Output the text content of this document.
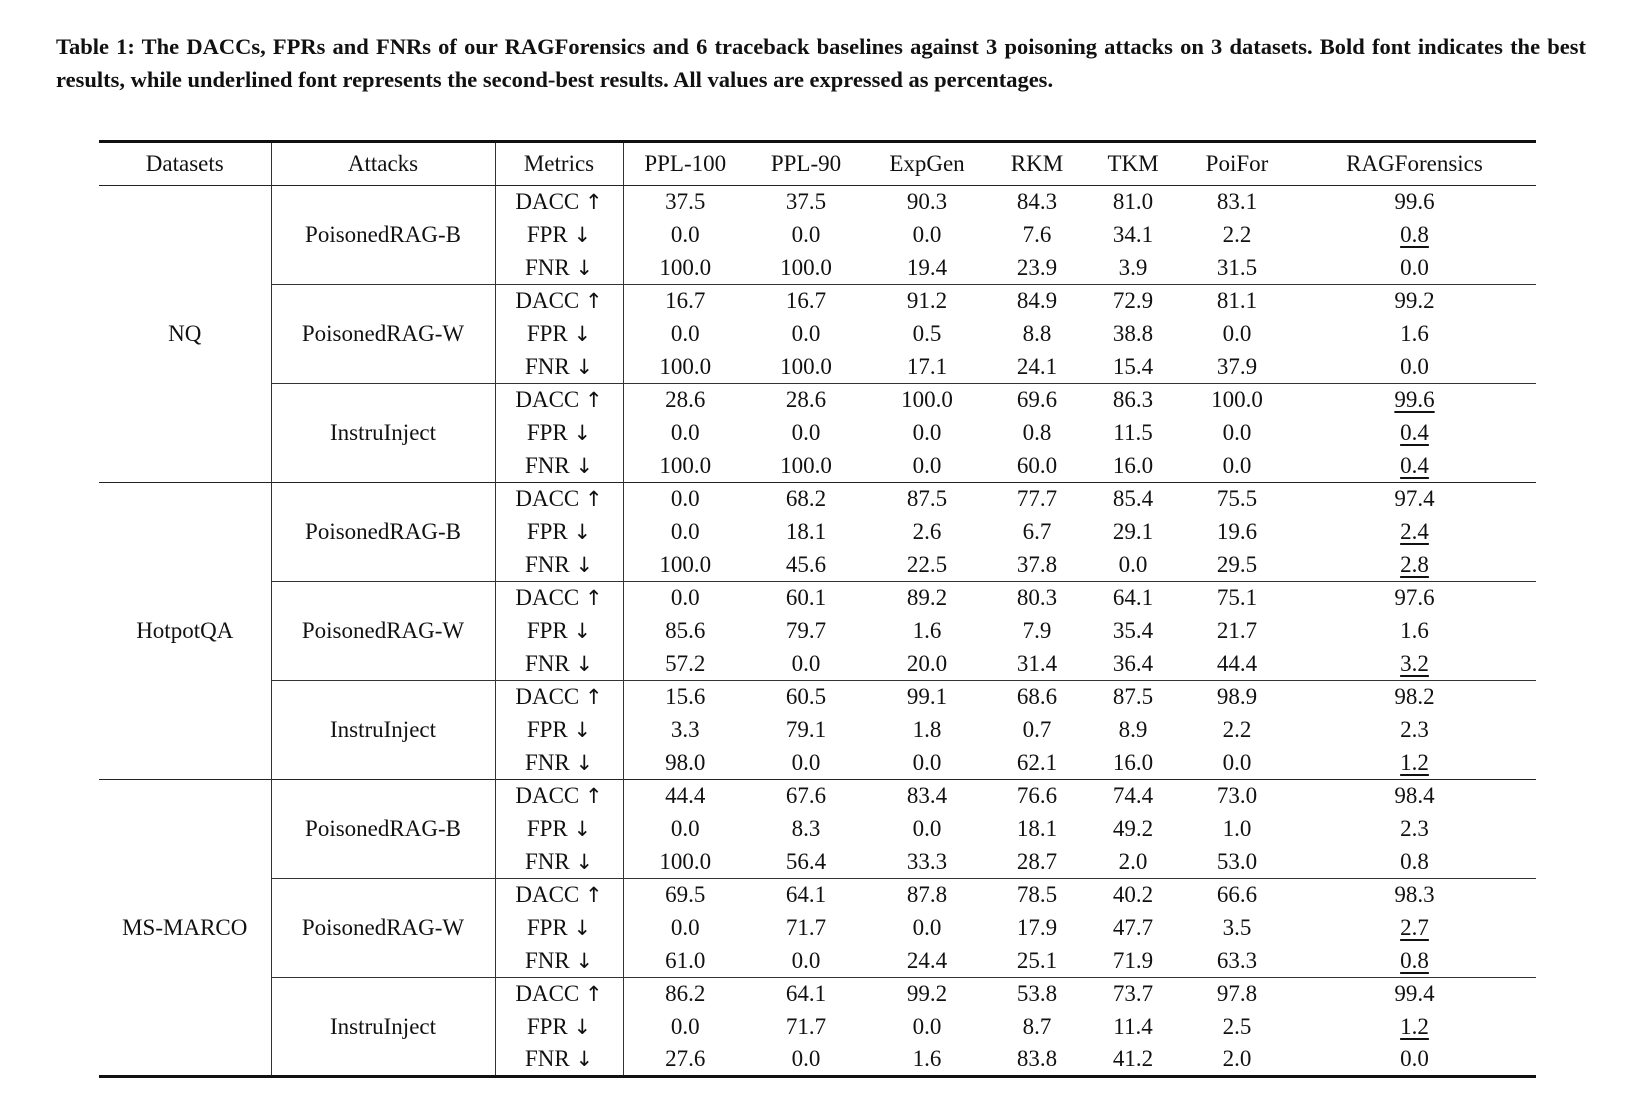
Table 1: The DACCs, FPRs and FNRs of our RAGForensics and 6 traceback baselines against 3 poisoning attacks on 3 datasets. Bold font indicates the best results, while underlined font represents the second-best results. All values are expressed as percentages.
Datasets	Attacks	Metrics	PPL-100	PPL-90	ExpGen	RKM	TKM	PoiFor	RAGForensics
NQ	PoisonedRAG-B	DACC ↑	37.5	37.5	90.3	84.3	81.0	83.1	99.6
		FPR ↓	0.0	0.0	0.0	7.6	34.1	2.2	0.8
		FNR ↓	100.0	100.0	19.4	23.9	3.9	31.5	0.0
	PoisonedRAG-W	DACC ↑	16.7	16.7	91.2	84.9	72.9	81.1	99.2
		FPR ↓	0.0	0.0	0.5	8.8	38.8	0.0	1.6
		FNR ↓	100.0	100.0	17.1	24.1	15.4	37.9	0.0
	InstruInject	DACC ↑	28.6	28.6	100.0	69.6	86.3	100.0	99.6
		FPR ↓	0.0	0.0	0.0	0.8	11.5	0.0	0.4
		FNR ↓	100.0	100.0	0.0	60.0	16.0	0.0	0.4
HotpotQA	PoisonedRAG-B	DACC ↑	0.0	68.2	87.5	77.7	85.4	75.5	97.4
		FPR ↓	0.0	18.1	2.6	6.7	29.1	19.6	2.4
		FNR ↓	100.0	45.6	22.5	37.8	0.0	29.5	2.8
	PoisonedRAG-W	DACC ↑	0.0	60.1	89.2	80.3	64.1	75.1	97.6
		FPR ↓	85.6	79.7	1.6	7.9	35.4	21.7	1.6
		FNR ↓	57.2	0.0	20.0	31.4	36.4	44.4	3.2
	InstruInject	DACC ↑	15.6	60.5	99.1	68.6	87.5	98.9	98.2
		FPR ↓	3.3	79.1	1.8	0.7	8.9	2.2	2.3
		FNR ↓	98.0	0.0	0.0	62.1	16.0	0.0	1.2
MS-MARCO	PoisonedRAG-B	DACC ↑	44.4	67.6	83.4	76.6	74.4	73.0	98.4
		FPR ↓	0.0	8.3	0.0	18.1	49.2	1.0	2.3
		FNR ↓	100.0	56.4	33.3	28.7	2.0	53.0	0.8
	PoisonedRAG-W	DACC ↑	69.5	64.1	87.8	78.5	40.2	66.6	98.3
		FPR ↓	0.0	71.7	0.0	17.9	47.7	3.5	2.7
		FNR ↓	61.0	0.0	24.4	25.1	71.9	63.3	0.8
	InstruInject	DACC ↑	86.2	64.1	99.2	53.8	73.7	97.8	99.4
		FPR ↓	0.0	71.7	0.0	8.7	11.4	2.5	1.2
		FNR ↓	27.6	0.0	1.6	83.8	41.2	2.0	0.0
